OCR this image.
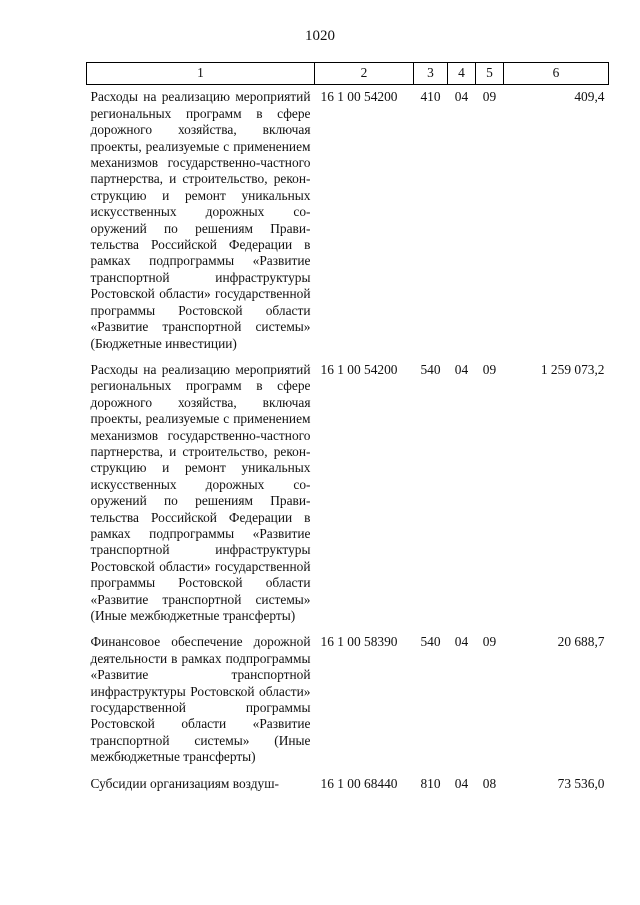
1020
1	2	3	4	5	6
Расходы на реализацию мероприятий региональных программ в сфере дорожного хозяйства, включая проекты, реализуемые с применением механизмов государственно-частного партнерства, и строительство, реконструкцию и ремонт уникальных искусственных дорожных сооружений по решениям Правительства Российской Федерации в рамках подпрограммы «Развитие транспортной инфраструктуры Ростовской области» государственной программы Ростовской области «Развитие транспортной системы» (Бюджетные инвестиции)	16 1 00 54200	410	04	09	409,4
Расходы на реализацию мероприятий региональных программ в сфере дорожного хозяйства, включая проекты, реализуемые с применением механизмов государственно-частного партнерства, и строительство, реконструкцию и ремонт уникальных искусственных дорожных сооружений по решениям Правительства Российской Федерации в рамках подпрограммы «Развитие транспортной инфраструктуры Ростовской области» государственной программы Ростовской области «Развитие транспортной системы» (Иные межбюджетные трансферты)	16 1 00 54200	540	04	09	1 259 073,2
Финансовое обеспечение дорожной деятельности в рамках подпрограммы «Развитие транспортной инфраструктуры Ростовской области» государственной программы Ростовской области «Развитие транспортной системы» (Иные межбюджетные трансферты)	16 1 00 58390	540	04	09	20 688,7
Субсидии организациям воздуш-	16 1 00 68440	810	04	08	73 536,0
